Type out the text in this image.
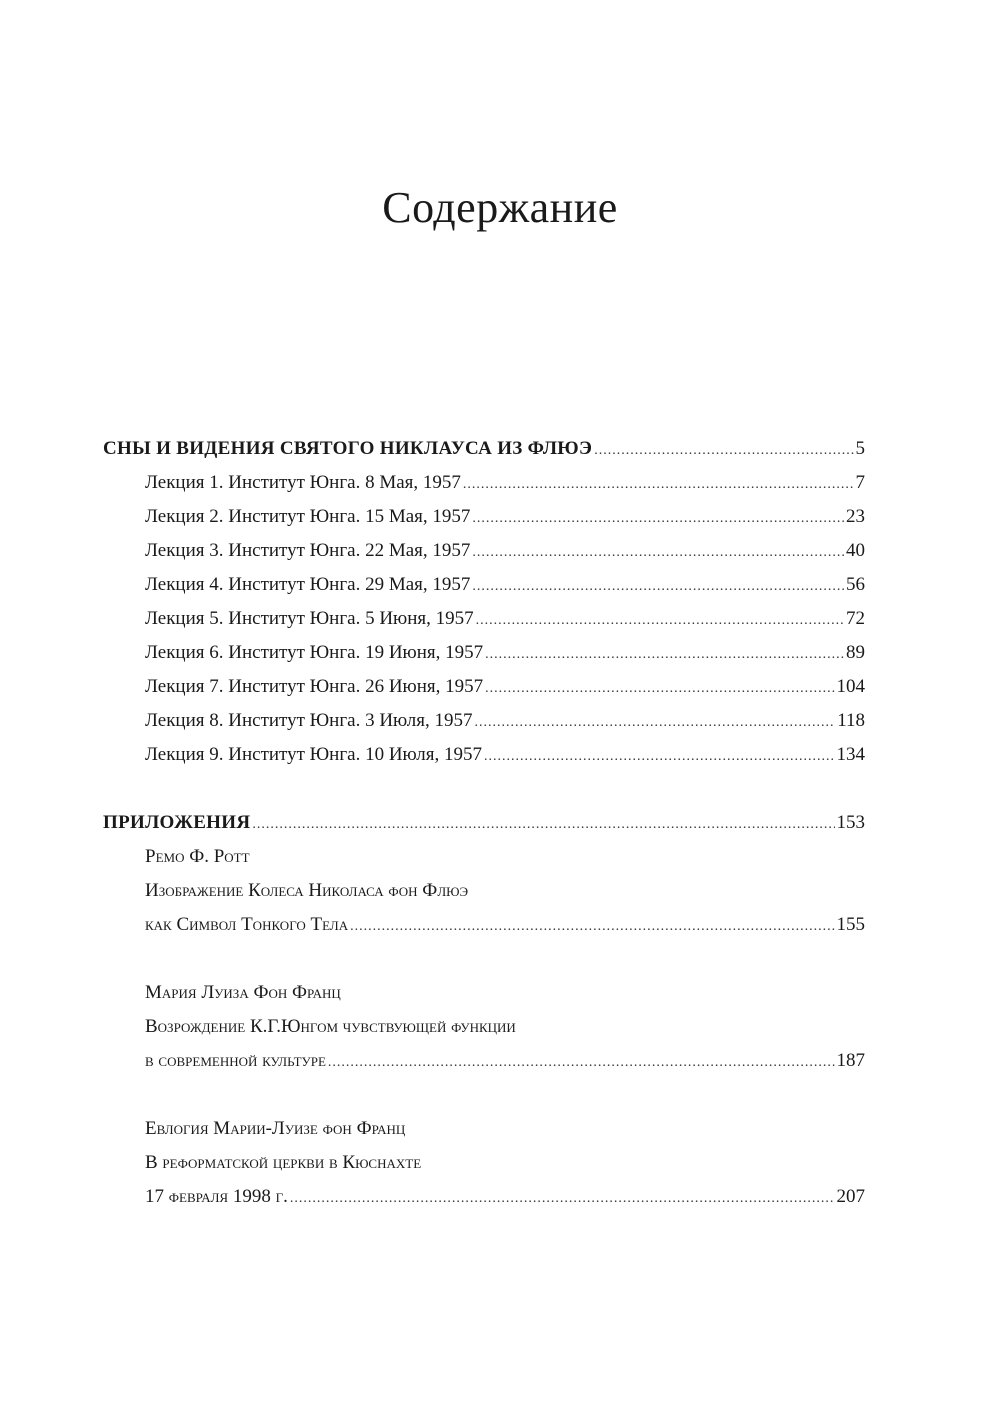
Содержание
СНЫ И ВИДЕНИЯ СВЯТОГО НИКЛАУСА ИЗ ФЛЮЭ .....	5
Лекция 1. Институт Юнга. 8 Мая, 1957 .....	7
Лекция 2. Институт Юнга. 15 Мая, 1957 .....	23
Лекция 3. Институт Юнга. 22 Мая, 1957 .....	40
Лекция 4. Институт Юнга. 29 Мая, 1957 .....	56
Лекция 5. Институт Юнга. 5 Июня, 1957 .....	72
Лекция 6. Институт Юнга. 19 Июня, 1957 .....	89
Лекция 7. Институт Юнга. 26 Июня, 1957 .....	104
Лекция 8. Институт Юнга. 3 Июля, 1957 .....	118
Лекция 9. Институт Юнга. 10 Июля, 1957 .....	134
ПРИЛОЖЕНИЯ .....	153
Ремо Ф. Ротт
Изображение Колеса Николаса фон Флюэ
как Символ Тонкого Тела .....	155
Мария Луиза Фон Франц
Возрождение К.Г.Юнгом чувствующей функции
в современной культуре .....	187
Евлогия Марии-Луизе фон Франц
В реформатской церкви в Кюснахте
17 февраля 1998 г. .....	207
